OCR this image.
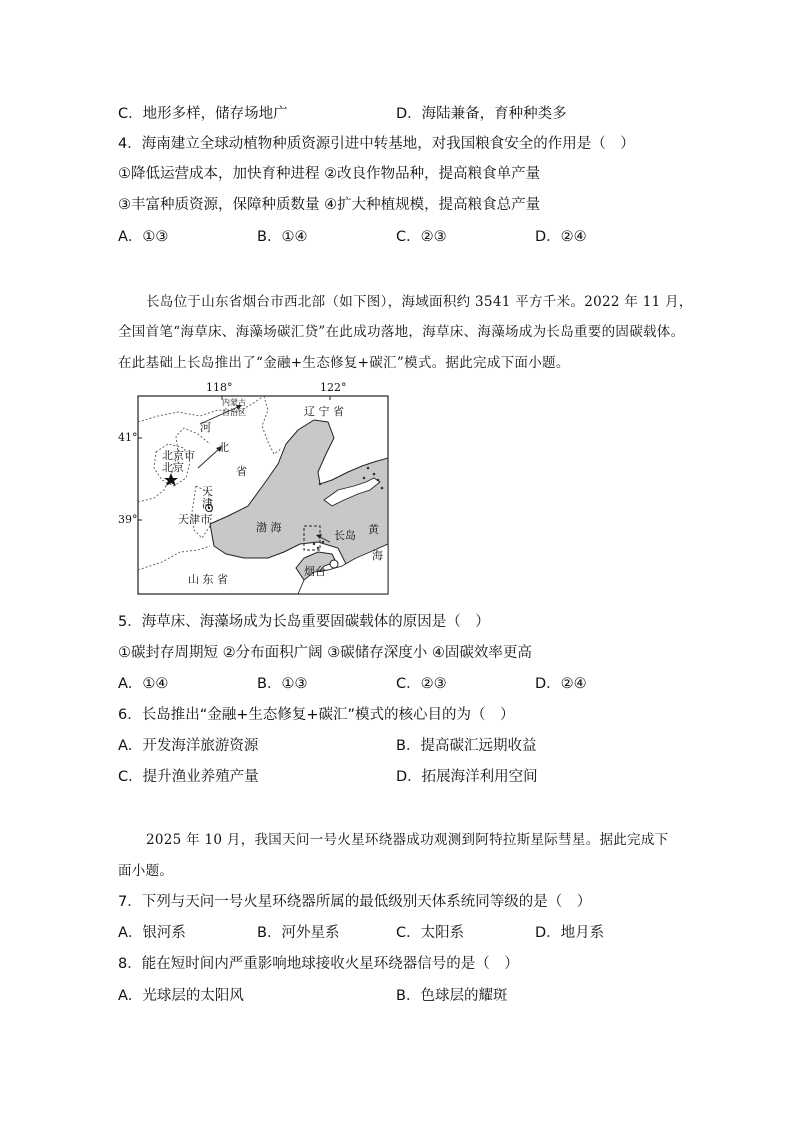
C．地形多样，储存场地广	D．海陆兼备，育种种类多
4．海南建立全球动植物种质资源引进中转基地，对我国粮食安全的作用是（　）
①降低运营成本，加快育种进程 ②改良作物品种，提高粮食单产量
③丰富种质资源，保障种质数量 ④扩大种植规模，提高粮食总产量
A．①③	B．①④	C．②③	D．②④
长岛位于山东省烟台市西北部（如下图），海域面积约 3541 平方千米。2022 年 11 月，
全国首笔“海草床、海藻场碳汇贷”在此成功落地，海草床、海藻场成为长岛重要的固碳载体。
在此基础上长岛推出了“金融+生态修复+碳汇”模式。据此完成下面小题。
118°	122°
41°
39°
内蒙古
自治区	辽 宁 省
河
北
省
北京市
北京
天
津
天津市
渤 海
长岛 黄
海
烟台
山 东 省
5．海草床、海藻场成为长岛重要固碳载体的原因是（　）
①碳封存周期短 ②分布面积广阔 ③碳储存深度小 ④固碳效率更高
A．①④	B．①③	C．②③	D．②④
6．长岛推出“金融+生态修复+碳汇”模式的核心目的为（　）
A．开发海洋旅游资源	B．提高碳汇远期收益
C．提升渔业养殖产量	D．拓展海洋利用空间
2025 年 10 月，我国天问一号火星环绕器成功观测到阿特拉斯星际彗星。据此完成下
面小题。
7．下列与天问一号火星环绕器所属的最低级别天体系统同等级的是（　）
A．银河系	B．河外星系	C．太阳系	D．地月系
8．能在短时间内严重影响地球接收火星环绕器信号的是（　）
A．光球层的太阳风	B．色球层的耀斑
